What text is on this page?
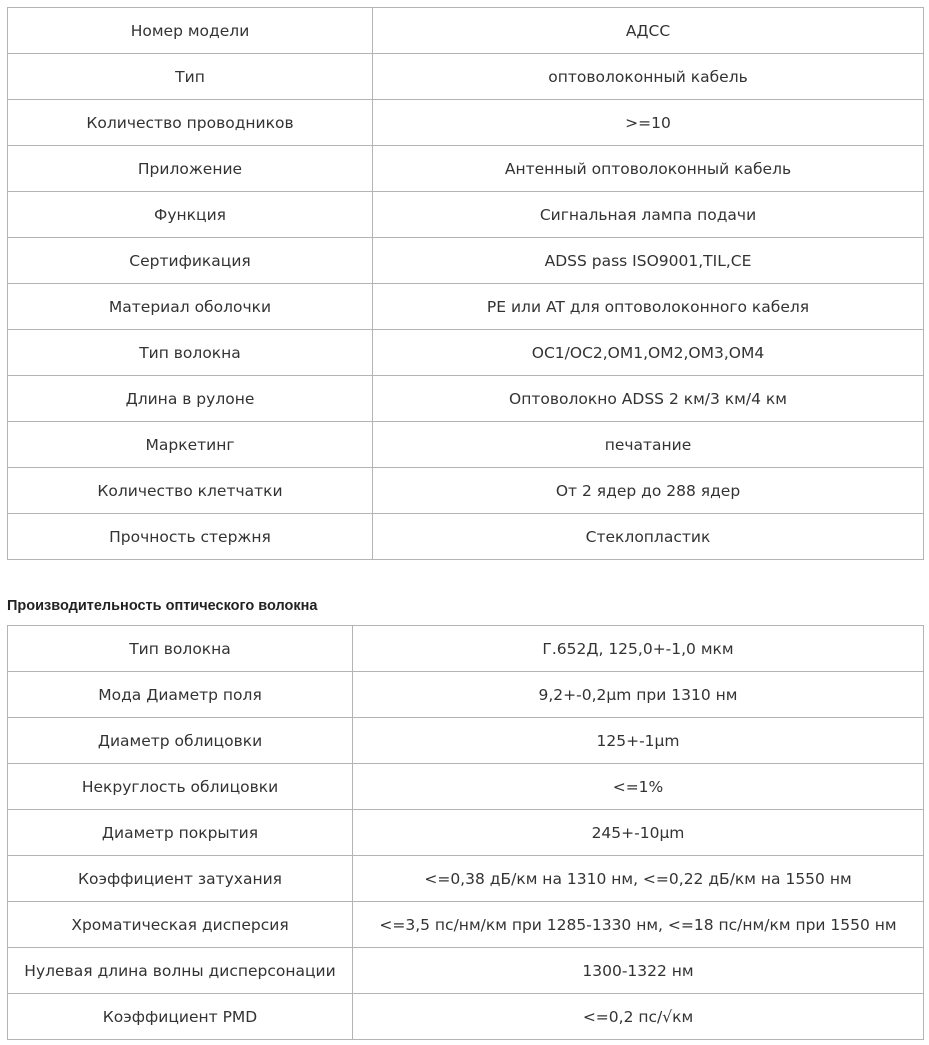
Номер модели	АДСС
Тип	оптоволоконный кабель
Количество проводников	>=10
Приложение	Антенный оптоволоконный кабель
Функция	Сигнальная лампа подачи
Сертификация	ADSS pass ISO9001,TIL,CE
Материал оболочки	PE или AT для оптоволоконного кабеля
Тип волокна	OC1/OC2,OM1,OM2,OM3,OM4
Длина в рулоне	Оптоволокно ADSS 2 км/3 км/4 км
Маркетинг	печатание
Количество клетчатки	От 2 ядер до 288 ядер
Прочность стержня	Стеклопластик
Производительность оптического волокна
Тип волокна	Г.652Д, 125,0+-1,0 мкм
Мода Диаметр поля	9,2+-0,2μm при 1310 нм
Диаметр облицовки	125+-1μm
Некруглость облицовки	<=1%
Диаметр покрытия	245+-10μm
Коэффициент затухания	<=0,38 дБ/км на 1310 нм, <=0,22 дБ/км на 1550 нм
Хроматическая дисперсия	<=3,5 пс/нм/км при 1285-1330 нм, <=18 пс/нм/км при 1550 нм
Нулевая длина волны дисперсонации	1300-1322 нм
Коэффициент PMD	<=0,2 пс/√км
